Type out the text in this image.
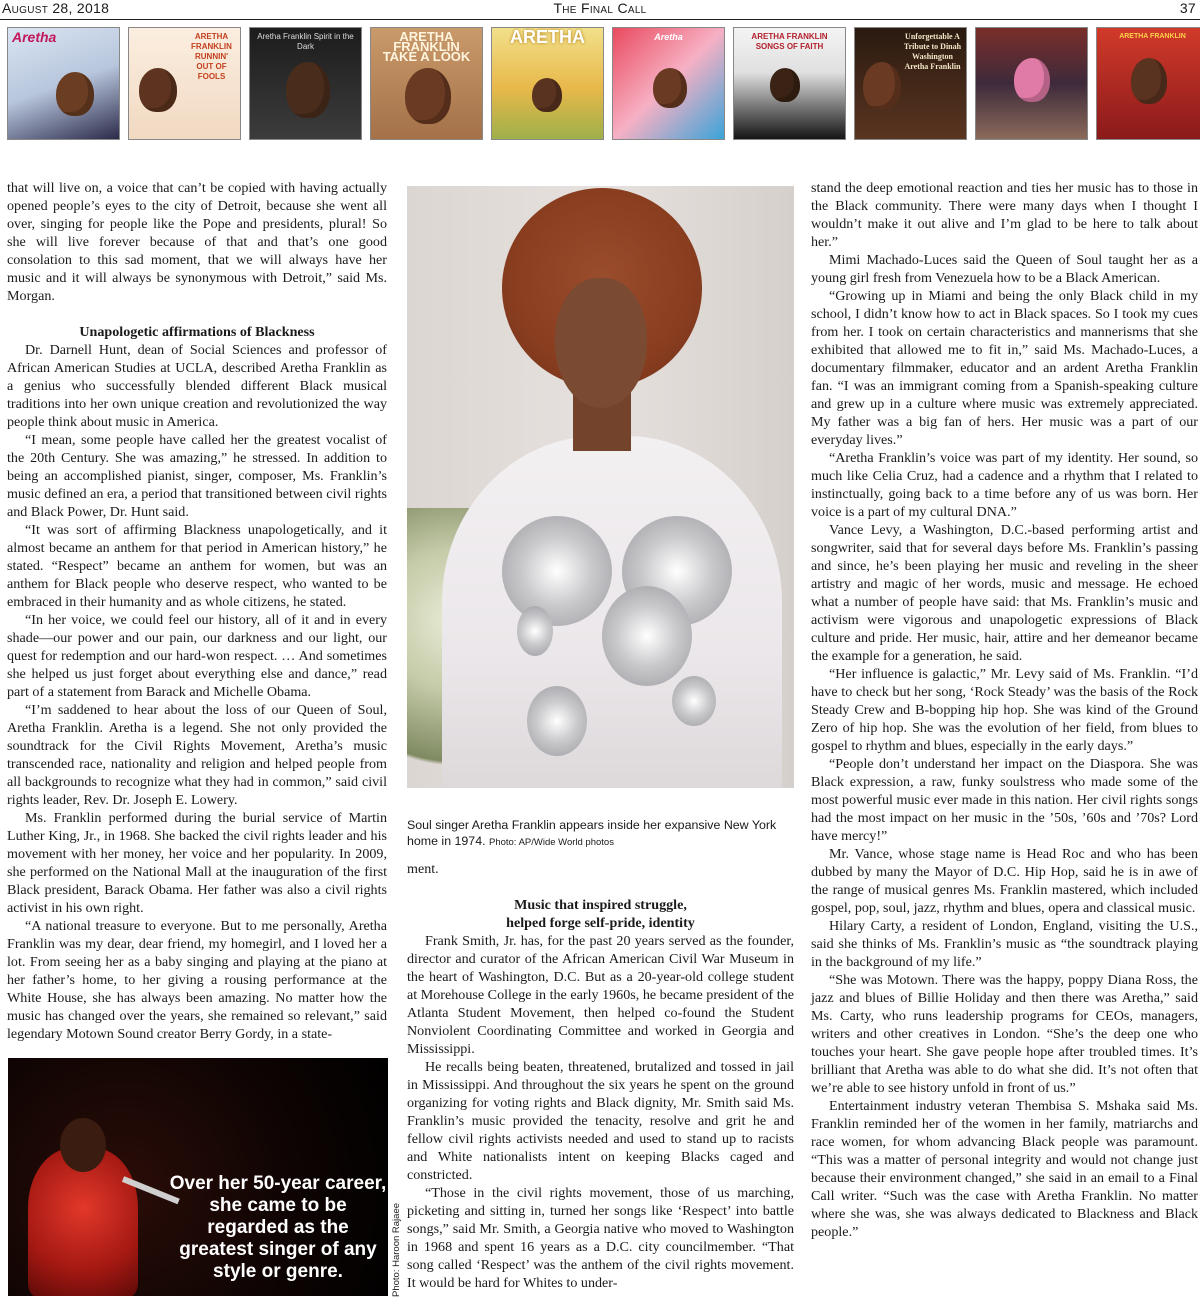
August 28, 2018	The Final Call	37
Aretha	ARETHA FRANKLIN RUNNIN' OUT OF FOOLS
Aretha Franklin Spirit in the Dark
ARETHA FRANKLIN TAKE A LOOK
ARETHA	Aretha	ARETHA FRANKLIN SONGS OF FAITH
Unforgettable A Tribute to Dinah Washington Aretha Franklin
ARETHA FRANKLIN

that will live on, a voice that can’t be copied with having actually opened people’s eyes to the city of Detroit, because she went all over, singing for people like the Pope and presidents, plural! So she will live forever because of that and that’s one good consolation to this sad moment, that we will always have her music and it will always be synonymous with Detroit,” said Ms. Morgan.

Unapologetic affirmations of Blackness

Dr. Darnell Hunt, dean of Social Sciences and professor of African American Studies at UCLA, described Aretha Franklin as a genius who successfully blended different Black musical traditions into her own unique creation and revolutionized the way people think about music in America.

“I mean, some people have called her the greatest vocalist of the 20th Century. She was amazing,” he stressed. In addition to being an accomplished pianist, singer, composer, Ms. Franklin’s music defined an era, a period that transitioned between civil rights and Black Power, Dr. Hunt said.

“It was sort of affirming Blackness unapologetically, and it almost became an anthem for that period in American history,” he stated. “Respect” became an anthem for women, but was an anthem for Black people who deserve respect, who wanted to be embraced in their humanity and as whole citizens, he stated.

“In her voice, we could feel our history, all of it and in every shade—our power and our pain, our darkness and our light, our quest for redemption and our hard-won respect. … And sometimes she helped us just forget about everything else and dance,” read part of a statement from Barack and Michelle Obama.

“I’m saddened to hear about the loss of our Queen of Soul, Aretha Franklin. Aretha is a legend. She not only provided the soundtrack for the Civil Rights Movement, Aretha’s music transcended race, nationality and religion and helped people from all backgrounds to recognize what they had in common,” said civil rights leader, Rev. Dr. Joseph E. Lowery.

Ms. Franklin performed during the burial service of Martin Luther King, Jr., in 1968. She backed the civil rights leader and his movement with her money, her voice and her popularity. In 2009, she performed on the National Mall at the inauguration of the first Black president, Barack Obama. Her father was also a civil rights activist in his own right.

“A national treasure to everyone. But to me personally, Aretha Franklin was my dear, dear friend, my homegirl, and I loved her a lot. From seeing her as a baby singing and playing at the piano at her father’s home, to her giving a rousing performance at the White House, she has always been amazing. No matter how the music has changed over the years, she remained so relevant,” said legendary Motown Sound creator Berry Gordy, in a state-

Over her 50-year career, she came to be regarded as the greatest singer of any style or genre.	Photo: Haroon Rajaee
Soul singer Aretha Franklin appears inside her expansive New York home in 1974. Photo: AP/Wide World photos

ment.

Music that inspired struggle,
helped forge self-pride, identity

Frank Smith, Jr. has, for the past 20 years served as the founder, director and curator of the African American Civil War Museum in the heart of Washington, D.C. But as a 20-year-old college student at Morehouse College in the early 1960s, he became president of the Atlanta Student Movement, then helped co-found the Student Nonviolent Coordinating Committee and worked in Georgia and Mississippi.

He recalls being beaten, threatened, brutalized and tossed in jail in Mississippi. And throughout the six years he spent on the ground organizing for voting rights and Black dignity, Mr. Smith said Ms. Franklin’s music provided the tenacity, resolve and grit he and fellow civil rights activists needed and used to stand up to racists and White nationalists intent on keeping Blacks caged and constricted.

“Those in the civil rights movement, those of us marching, picketing and sitting in, turned her songs like ‘Respect’ into battle songs,” said Mr. Smith, a Georgia native who moved to Washington in 1968 and spent 16 years as a D.C. city councilmember. “That song called ‘Respect’ was the anthem of the civil rights movement. It would be hard for Whites to under-

stand the deep emotional reaction and ties her music has to those in the Black community. There were many days when I thought I wouldn’t make it out alive and I’m glad to be here to talk about her.”

Mimi Machado-Luces said the Queen of Soul taught her as a young girl fresh from Venezuela how to be a Black American.

“Growing up in Miami and being the only Black child in my school, I didn’t know how to act in Black spaces. So I took my cues from her. I took on certain characteristics and mannerisms that she exhibited that allowed me to fit in,” said Ms. Machado-Luces, a documentary filmmaker, educator and an ardent Aretha Franklin fan. “I was an immigrant coming from a Spanish-speaking culture and grew up in a culture where music was extremely appreciated. My father was a big fan of hers. Her music was a part of our everyday lives.”

“Aretha Franklin’s voice was part of my identity. Her sound, so much like Celia Cruz, had a cadence and a rhythm that I related to instinctually, going back to a time before any of us was born. Her voice is a part of my cultural DNA.”

Vance Levy, a Washington, D.C.-based performing artist and songwriter, said that for several days before Ms. Franklin’s passing and since, he’s been playing her music and reveling in the sheer artistry and magic of her words, music and message. He echoed what a number of people have said: that Ms. Franklin’s music and activism were vigorous and unapologetic expressions of Black culture and pride. Her music, hair, attire and her demeanor became the example for a generation, he said.

“Her influence is galactic,” Mr. Levy said of Ms. Franklin. “I’d have to check but her song, ‘Rock Steady’ was the basis of the Rock Steady Crew and B-bopping hip hop. She was kind of the Ground Zero of hip hop. She was the evolution of her field, from blues to gospel to rhythm and blues, especially in the early days.”

“People don’t understand her impact on the Diaspora. She was Black expression, a raw, funky soulstress who made some of the most powerful music ever made in this nation. Her civil rights songs had the most impact on her music in the ’50s, ’60s and ’70s? Lord have mercy!”

Mr. Vance, whose stage name is Head Roc and who has been dubbed by many the Mayor of D.C. Hip Hop, said he is in awe of the range of musical genres Ms. Franklin mastered, which included gospel, pop, soul, jazz, rhythm and blues, opera and classical music.

Hilary Carty, a resident of London, England, visiting the U.S., said she thinks of Ms. Franklin’s music as “the soundtrack playing in the background of my life.”

“She was Motown. There was the happy, poppy Diana Ross, the jazz and blues of Billie Holiday and then there was Aretha,” said Ms. Carty, who runs leadership programs for CEOs, managers, writers and other creatives in London. “She’s the deep one who touches your heart. She gave people hope after troubled times. It’s brilliant that Aretha was able to do what she did. It’s not often that we’re able to see history unfold in front of us.”

Entertainment industry veteran Thembisa S. Mshaka said Ms. Franklin reminded her of the women in her family, matriarchs and race women, for whom advancing Black people was paramount. “This was a matter of personal integrity and would not change just because their environment changed,” she said in an email to a Final Call writer. “Such was the case with Aretha Franklin. No matter where she was, she was always dedicated to Blackness and Black people.”
